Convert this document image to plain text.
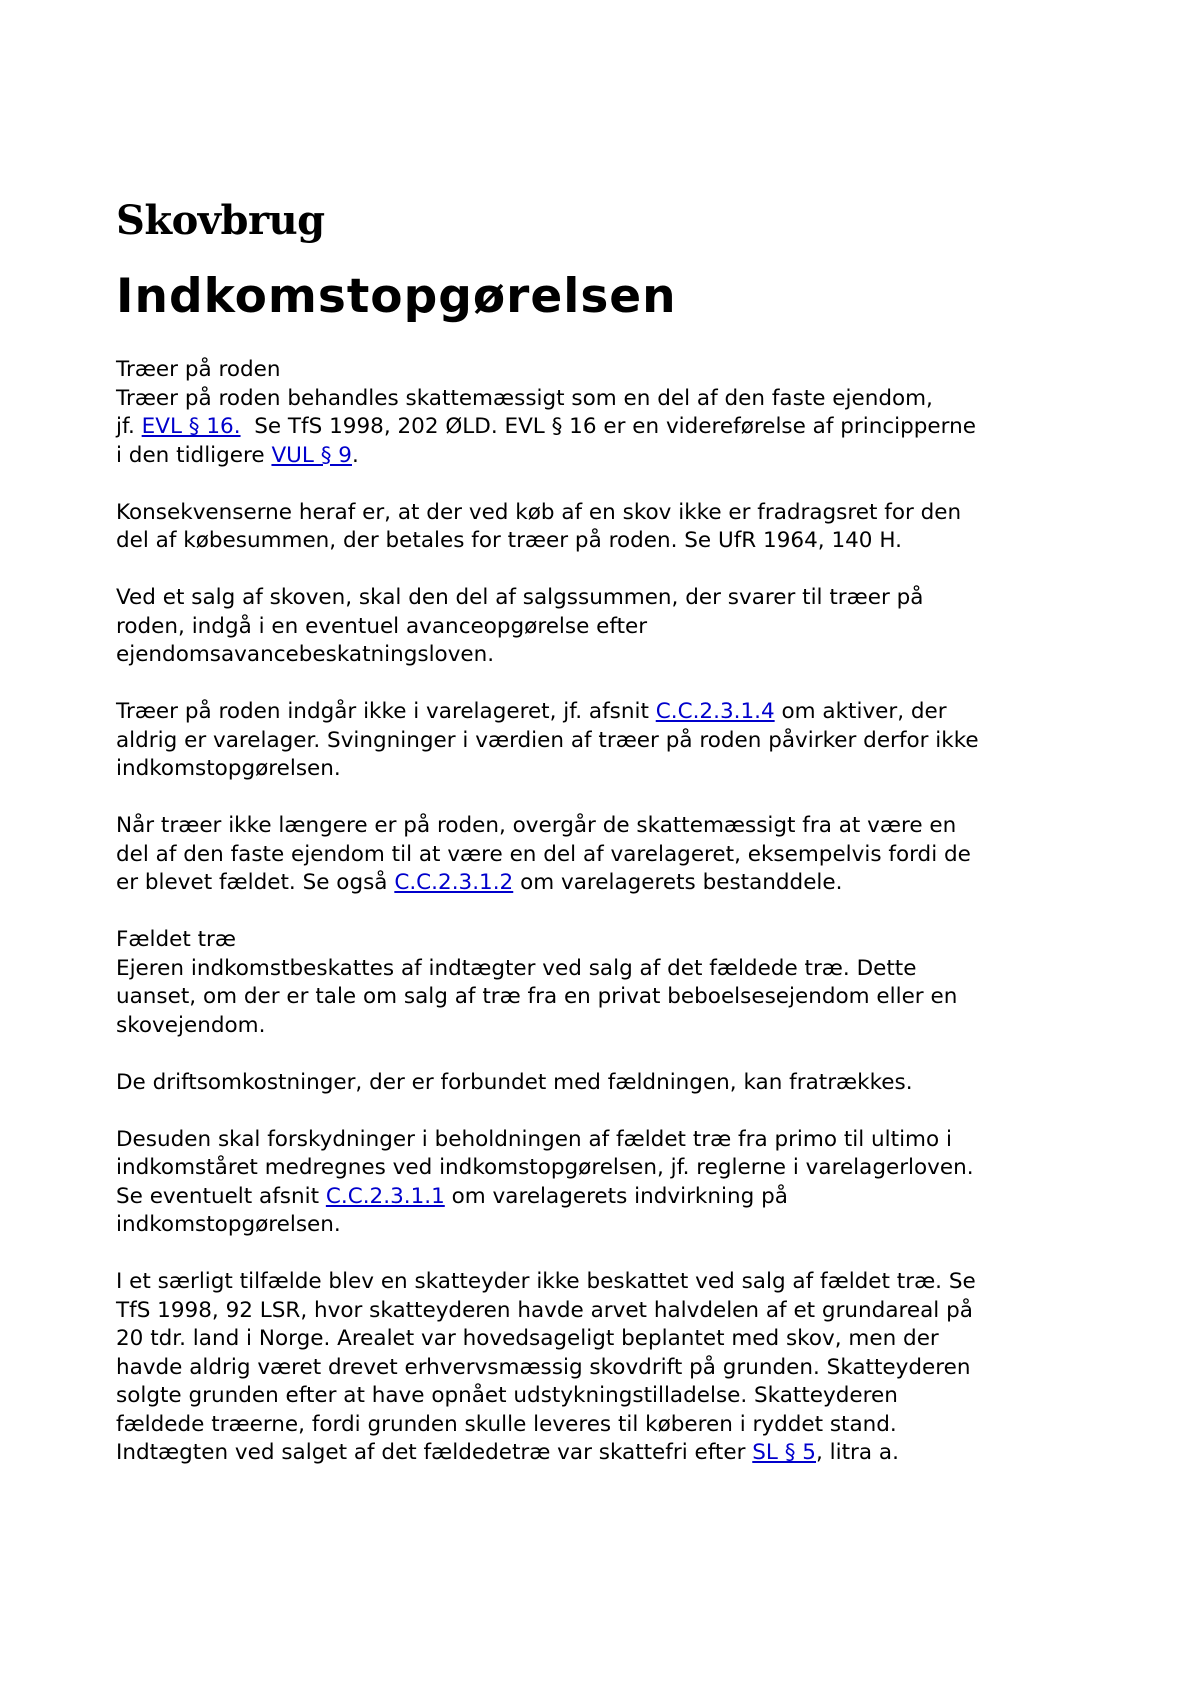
Skovbrug
Indkomstopgørelsen

Træer på roden
Træer på roden behandles skattemæssigt som en del af den faste ejendom,
jf. EVL § 16.  Se TfS 1998, 202 ØLD. EVL § 16 er en videreførelse af principperne
i den tidligere VUL § 9.

Konsekvenserne heraf er, at der ved køb af en skov ikke er fradragsret for den
del af købesummen, der betales for træer på roden. Se UfR 1964, 140 H.

Ved et salg af skoven, skal den del af salgssummen, der svarer til træer på
roden, indgå i en eventuel avanceopgørelse efter
ejendomsavancebeskatningsloven.

Træer på roden indgår ikke i varelageret, jf. afsnit C.C.2.3.1.4 om aktiver, der
aldrig er varelager. Svingninger i værdien af træer på roden påvirker derfor ikke
indkomstopgørelsen.

Når træer ikke længere er på roden, overgår de skattemæssigt fra at være en
del af den faste ejendom til at være en del af varelageret, eksempelvis fordi de
er blevet fældet. Se også C.C.2.3.1.2 om varelagerets bestanddele.

Fældet træ
Ejeren indkomstbeskattes af indtægter ved salg af det fældede træ. Dette
uanset, om der er tale om salg af træ fra en privat beboelsesejendom eller en
skovejendom.

De driftsomkostninger, der er forbundet med fældningen, kan fratrækkes.

Desuden skal forskydninger i beholdningen af fældet træ fra primo til ultimo i
indkomståret medregnes ved indkomstopgørelsen, jf. reglerne i varelagerloven.
Se eventuelt afsnit C.C.2.3.1.1 om varelagerets indvirkning på
indkomstopgørelsen.

I et særligt tilfælde blev en skatteyder ikke beskattet ved salg af fældet træ. Se
TfS 1998, 92 LSR, hvor skatteyderen havde arvet halvdelen af et grundareal på
20 tdr. land i Norge. Arealet var hovedsageligt beplantet med skov, men der
havde aldrig været drevet erhvervsmæssig skovdrift på grunden. Skatteyderen
solgte grunden efter at have opnået udstykningstilladelse. Skatteyderen
fældede træerne, fordi grunden skulle leveres til køberen i ryddet stand.
Indtægten ved salget af det fældedetræ var skattefri efter SL § 5, litra a.
